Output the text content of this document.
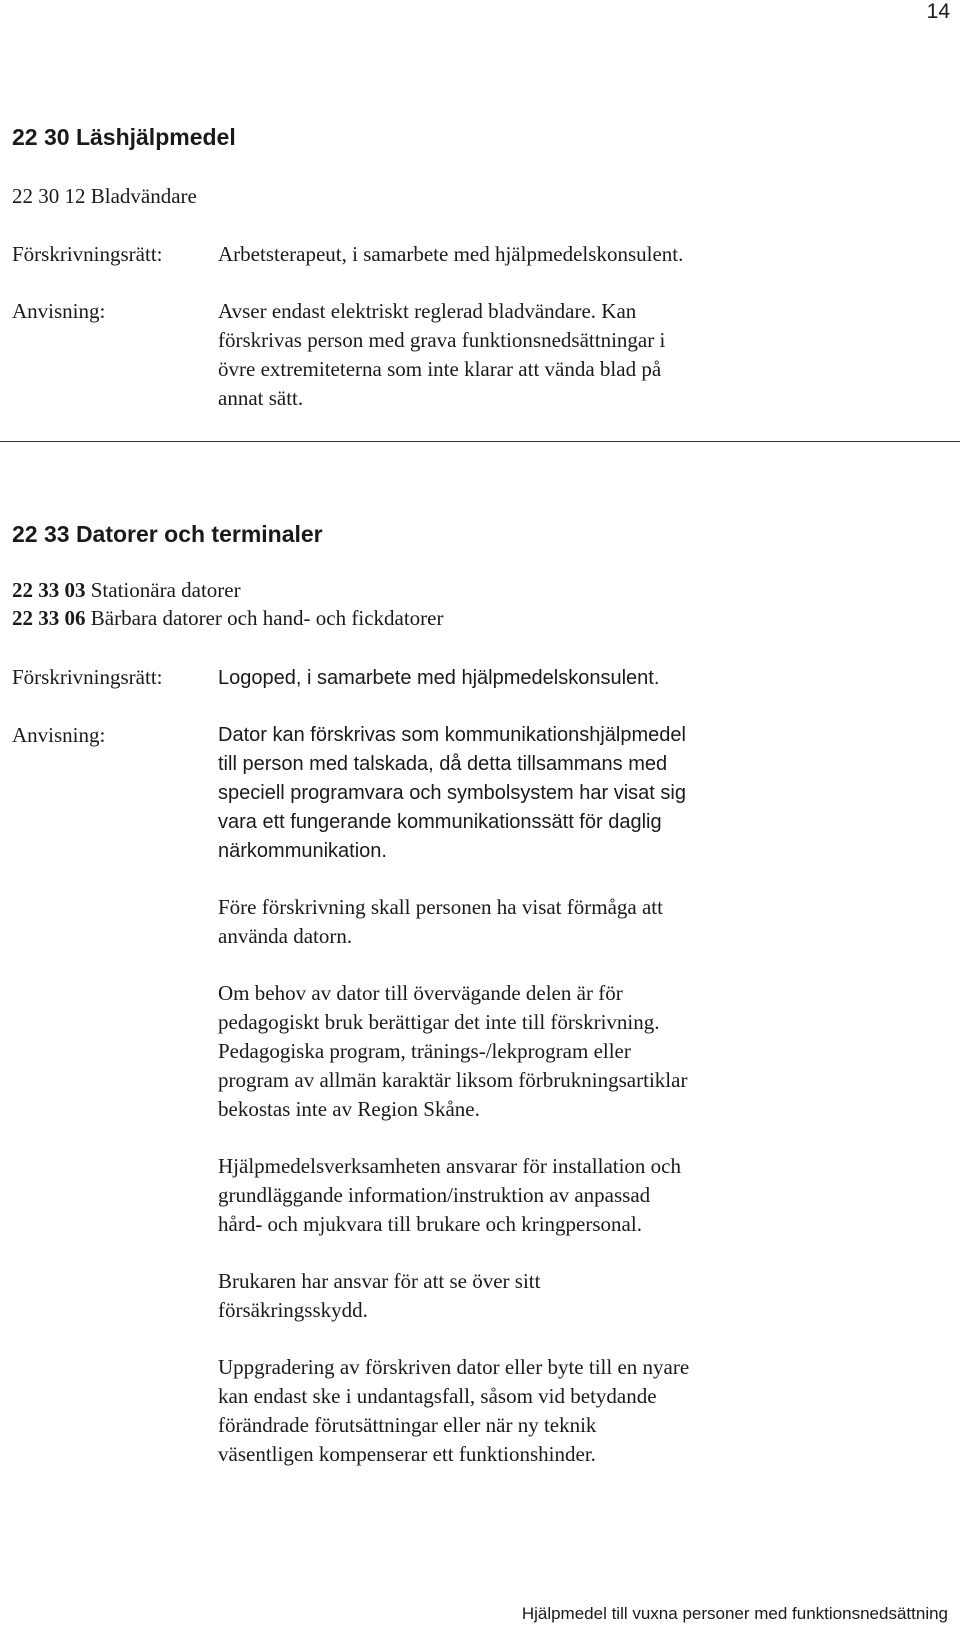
14
22 30 Läshjälpmedel
22 30 12 Bladvändare
Förskrivningsrätt:	Arbetsterapeut, i samarbete med hjälpmedelskonsulent.
Anvisning:	Avser endast elektriskt reglerad bladvändare. Kan
förskrivas person med grava funktionsnedsättningar i
övre extremiteterna som inte klarar att vända blad på
annat sätt.
22 33 Datorer och terminaler
22 33 03 Stationära datorer
22 33 06 Bärbara datorer och hand- och fickdatorer
Förskrivningsrätt:	Logoped, i samarbete med hjälpmedelskonsulent.
Anvisning:	Dator kan förskrivas som kommunikationshjälpmedel
till person med talskada, då detta tillsammans med
speciell programvara och symbolsystem har visat sig
vara ett fungerande kommunikationssätt för daglig
närkommunikation.
Före förskrivning skall personen ha visat förmåga att
använda datorn.
Om behov av dator till övervägande delen är för
pedagogiskt bruk berättigar det inte till förskrivning.
Pedagogiska program, tränings-/lekprogram eller
program av allmän karaktär liksom förbrukningsartiklar
bekostas inte av Region Skåne.
Hjälpmedelsverksamheten ansvarar för installation och
grundläggande information/instruktion av anpassad
hård- och mjukvara till brukare och kringpersonal.
Brukaren har ansvar för att se över sitt
försäkringsskydd.
Uppgradering av förskriven dator eller byte till en nyare
kan endast ske i undantagsfall, såsom vid betydande
förändrade förutsättningar eller när ny teknik
väsentligen kompenserar ett funktionshinder.
Hjälpmedel till vuxna personer med funktionsnedsättning
